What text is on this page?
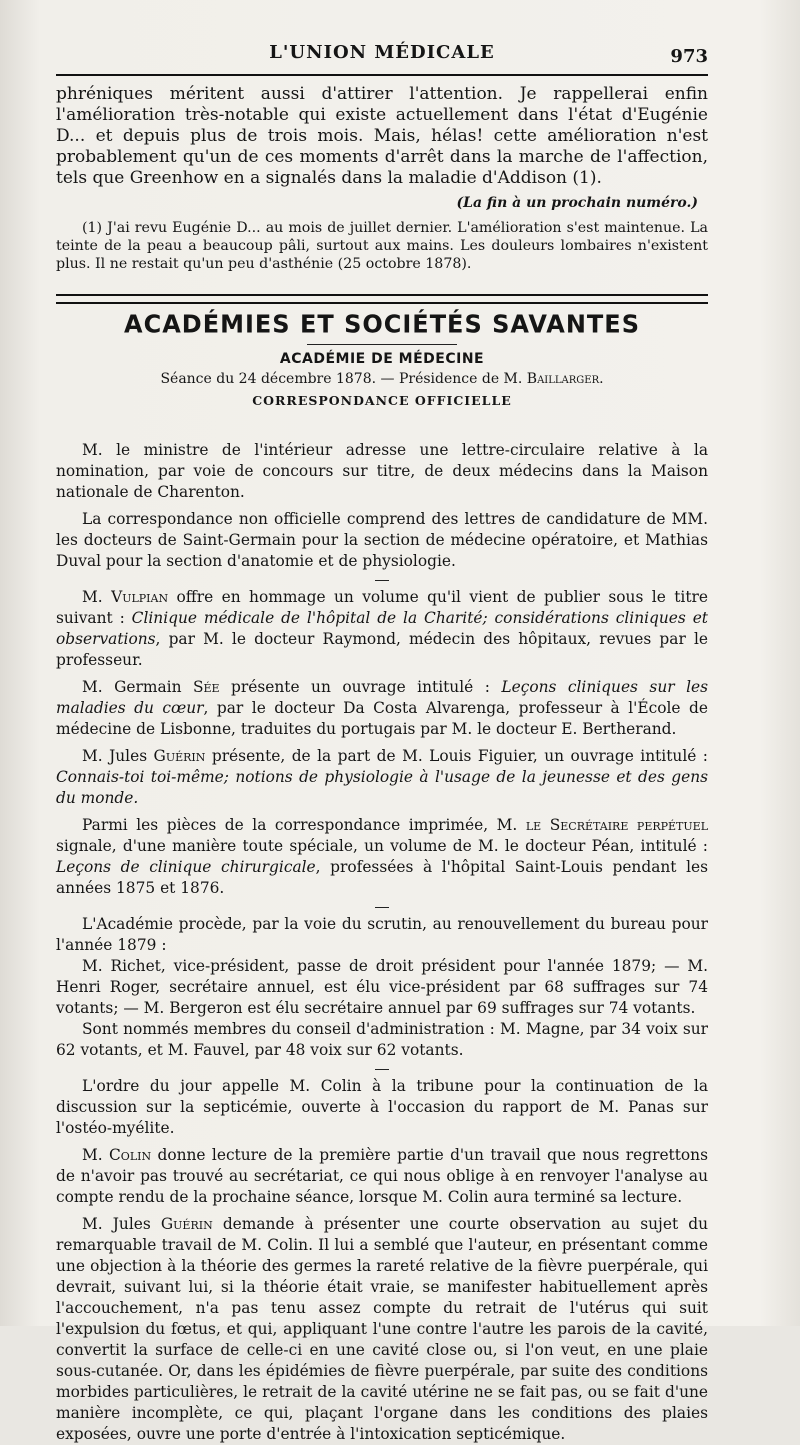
L'UNION MÉDICALE	973

phréniques méritent aussi d'attirer l'attention. Je rappellerai enfin l'amélioration très-notable qui existe actuellement dans l'état d'Eugénie D... et depuis plus de trois mois. Mais, hélas! cette amélioration n'est probablement qu'un de ces moments d'arrêt dans la marche de l'affection, tels que Greenhow en a signalés dans la maladie d'Addison (1).

(La fin à un prochain numéro.)

(1) J'ai revu Eugénie D... au mois de juillet dernier. L'amélioration s'est maintenue. La teinte de la peau a beaucoup pâli, surtout aux mains. Les douleurs lombaires n'existent plus. Il ne restait qu'un peu d'asthénie (25 octobre 1878).

ACADÉMIES ET SOCIÉTÉS SAVANTES
ACADÉMIE DE MÉDECINE
Séance du 24 décembre 1878. — Présidence de M. Baillarger.
CORRESPONDANCE OFFICIELLE

M. le ministre de l'intérieur adresse une lettre-circulaire relative à la nomination, par voie de concours sur titre, de deux médecins dans la Maison nationale de Charenton.

La correspondance non officielle comprend des lettres de candidature de MM. les docteurs de Saint-Germain pour la section de médecine opératoire, et Mathias Duval pour la section d'anatomie et de physiologie.

M. Vulpian offre en hommage un volume qu'il vient de publier sous le titre suivant : Clinique médicale de l'hôpital de la Charité; considérations cliniques et observations, par M. le docteur Raymond, médecin des hôpitaux, revues par le professeur.

M. Germain Sée présente un ouvrage intitulé : Leçons cliniques sur les maladies du cœur, par le docteur Da Costa Alvarenga, professeur à l'École de médecine de Lisbonne, traduites du portugais par M. le docteur E. Bertherand.

M. Jules Guérin présente, de la part de M. Louis Figuier, un ouvrage intitulé : Connais-toi toi-même; notions de physiologie à l'usage de la jeunesse et des gens du monde.

Parmi les pièces de la correspondance imprimée, M. le Secrétaire perpétuel signale, d'une manière toute spéciale, un volume de M. le docteur Péan, intitulé : Leçons de clinique chirurgicale, professées à l'hôpital Saint-Louis pendant les années 1875 et 1876.

L'Académie procède, par la voie du scrutin, au renouvellement du bureau pour l'année 1879 :

M. Richet, vice-président, passe de droit président pour l'année 1879; — M. Henri Roger, secrétaire annuel, est élu vice-président par 68 suffrages sur 74 votants; — M. Bergeron est élu secrétaire annuel par 69 suffrages sur 74 votants.

Sont nommés membres du conseil d'administration : M. Magne, par 34 voix sur 62 votants, et M. Fauvel, par 48 voix sur 62 votants.

L'ordre du jour appelle M. Colin à la tribune pour la continuation de la discussion sur la septicémie, ouverte à l'occasion du rapport de M. Panas sur l'ostéo-myélite.

M. Colin donne lecture de la première partie d'un travail que nous regrettons de n'avoir pas trouvé au secrétariat, ce qui nous oblige à en renvoyer l'analyse au compte rendu de la prochaine séance, lorsque M. Colin aura terminé sa lecture.

M. Jules Guérin demande à présenter une courte observation au sujet du remarquable travail de M. Colin. Il lui a semblé que l'auteur, en présentant comme une objection à la théorie des germes la rareté relative de la fièvre puerpérale, qui devrait, suivant lui, si la théorie était vraie, se manifester habituellement après l'accouchement, n'a pas tenu assez compte du retrait de l'utérus qui suit l'expulsion du fœtus, et qui, appliquant l'une contre l'autre les parois de la cavité, convertit la surface de celle-ci en une cavité close ou, si l'on veut, en une plaie sous-cutanée. Or, dans les épidémies de fièvre puerpérale, par suite des conditions morbides particulières, le retrait de la cavité utérine ne se fait pas, ou se fait d'une manière incomplète, ce qui, plaçant l'organe dans les conditions des plaies exposées, ouvre une porte d'entrée à l'intoxication septicémique.
